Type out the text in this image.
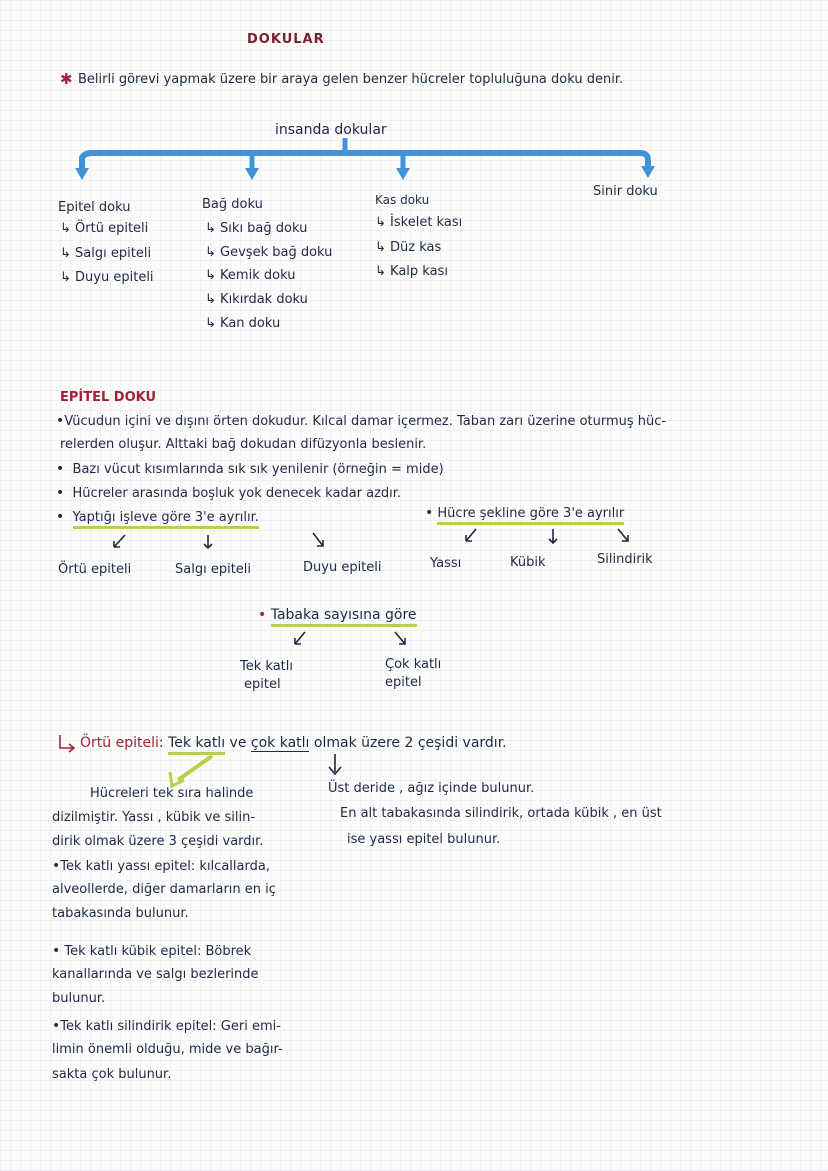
DOKULAR
✱ Belirli görevi yapmak üzere bir araya gelen benzer hücreler topluluğuna doku denir.
insanda dokular
Epitel doku
↳ Örtü epiteli
↳ Salgı epiteli
↳ Duyu epiteli
Bağ doku
↳ Sıkı bağ doku
↳ Gevşek bağ doku
↳ Kemik doku
↳ Kıkırdak doku
↳ Kan doku
Kas doku
↳ İskelet kası
↳ Düz kas
↳ Kalp kası
Sinir doku
EPİTEL DOKU
•Vücudun içini ve dışını örten dokudur. Kılcal damar içermez. Taban zarı üzerine oturmuş hüc-
relerden oluşur. Alttaki bağ dokudan difüzyonla beslenir.
• Bazı vücut kısımlarında sık sık yenilenir (örneğin = mide)
• Hücreler arasında boşluk yok denecek kadar azdır.
• Yaptığı işleve göre 3'e ayrılır.	• Hücre şekline göre 3'e ayrılır
Örtü epiteli	Salgı epiteli	Duyu epiteli	Yassı	Kübik	Silindirik
• Tabaka sayısına göre
Tek katlı
epitel
Çok katlı
epitel
Örtü epiteli: Tek katlı ve çok katlı olmak üzere 2 çeşidi vardır.
Hücreleri tek sıra halinde
dizilmiştir. Yassı , kübik ve silin-
dirik olmak üzere 3 çeşidi vardır.
•Tek katlı yassı epitel: kılcallarda,
alveollerde, diğer damarların en iç
tabakasında bulunur.
• Tek katlı kübik epitel: Böbrek
kanallarında ve salgı bezlerinde
bulunur.
•Tek katlı silindirik epitel: Geri emi-
limin önemli olduğu, mide ve bağır-
sakta çok bulunur.
Üst deride , ağız içinde bulunur.
En alt tabakasında silindirik, ortada kübik , en üst
ise yassı epitel bulunur.
